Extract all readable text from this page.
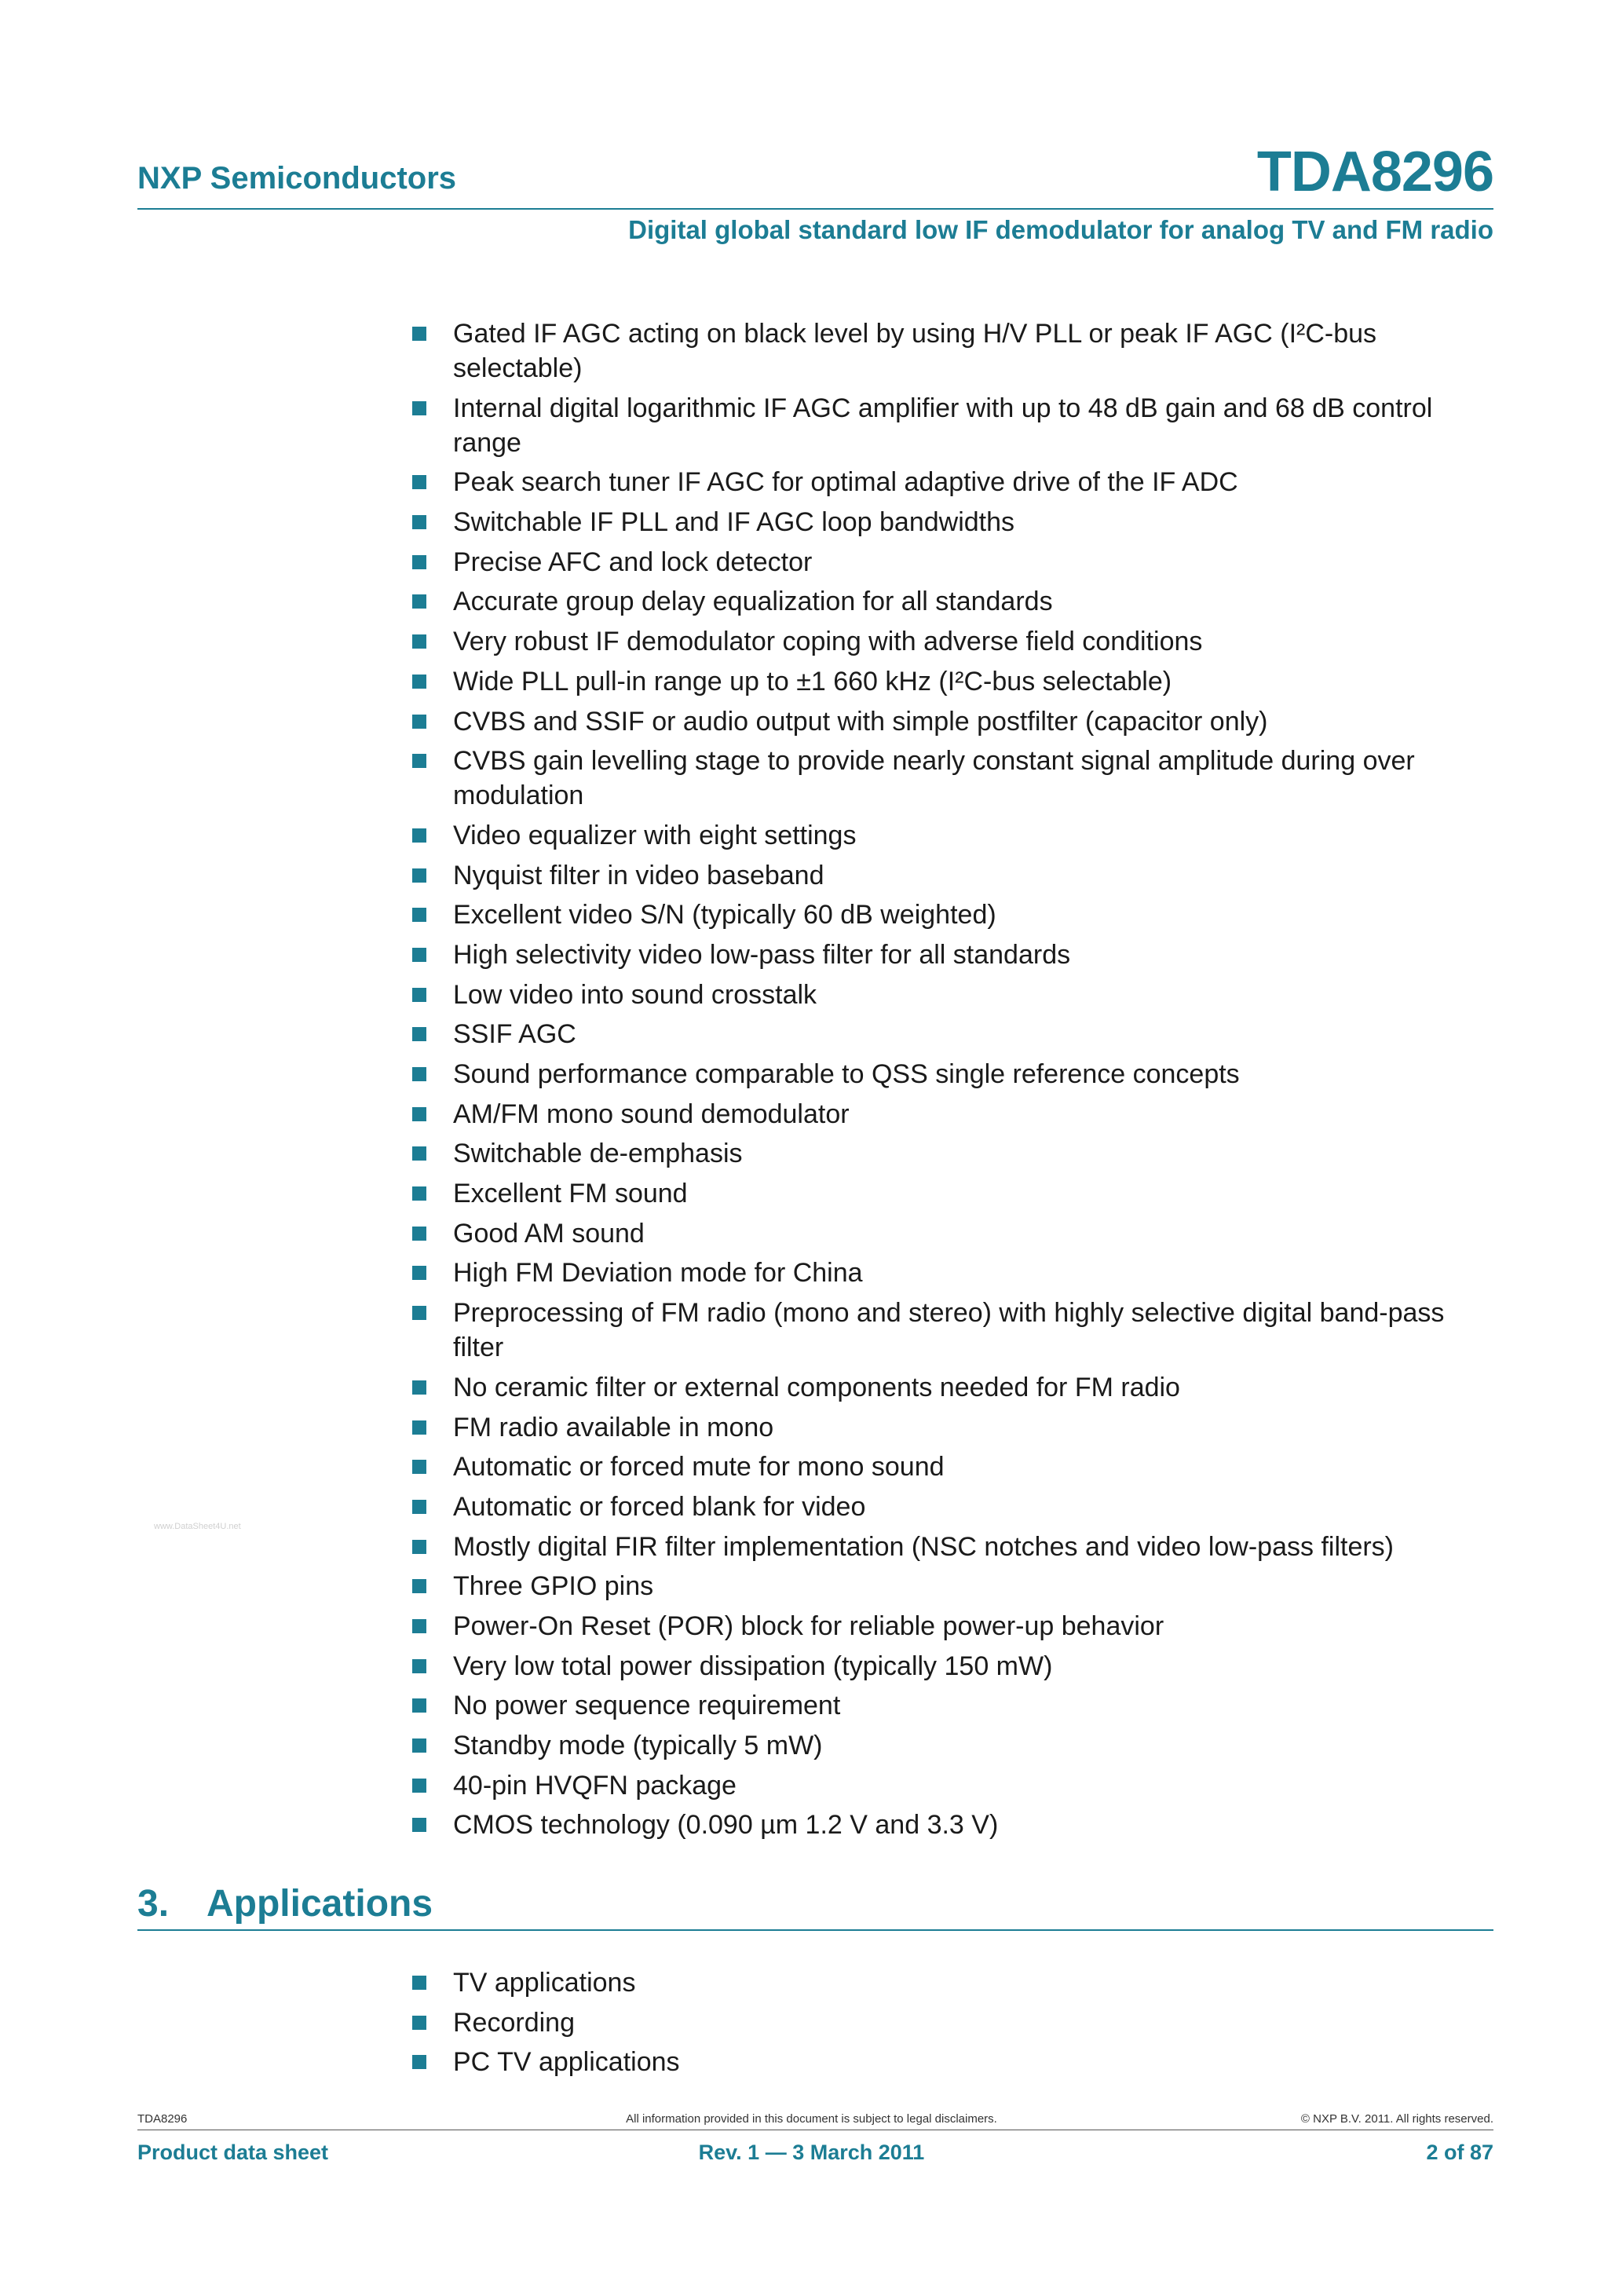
NXP Semiconductors	TDA8296
Digital global standard low IF demodulator for analog TV and FM radio
Gated IF AGC acting on black level by using H/V PLL or peak IF AGC (I²C-bus selectable)
Internal digital logarithmic IF AGC amplifier with up to 48 dB gain and 68 dB control range
Peak search tuner IF AGC for optimal adaptive drive of the IF ADC
Switchable IF PLL and IF AGC loop bandwidths
Precise AFC and lock detector
Accurate group delay equalization for all standards
Very robust IF demodulator coping with adverse field conditions
Wide PLL pull-in range up to ±1 660 kHz (I²C-bus selectable)
CVBS and SSIF or audio output with simple postfilter (capacitor only)
CVBS gain levelling stage to provide nearly constant signal amplitude during over modulation
Video equalizer with eight settings
Nyquist filter in video baseband
Excellent video S/N (typically 60 dB weighted)
High selectivity video low-pass filter for all standards
Low video into sound crosstalk
SSIF AGC
Sound performance comparable to QSS single reference concepts
AM/FM mono sound demodulator
Switchable de-emphasis
Excellent FM sound
Good AM sound
High FM Deviation mode for China
Preprocessing of FM radio (mono and stereo) with highly selective digital band-pass filter
No ceramic filter or external components needed for FM radio
FM radio available in mono
Automatic or forced mute for mono sound
Automatic or forced blank for video
Mostly digital FIR filter implementation (NSC notches and video low-pass filters)
Three GPIO pins
Power-On Reset (POR) block for reliable power-up behavior
Very low total power dissipation (typically 150 mW)
No power sequence requirement
Standby mode (typically 5 mW)
40-pin HVQFN package
CMOS technology (0.090 µm 1.2 V and 3.3 V)
www.DataSheet4U.net
3. Applications
TV applications
Recording
PC TV applications
TDA8296	All information provided in this document is subject to legal disclaimers.	© NXP B.V. 2011. All rights reserved.
Product data sheet	Rev. 1 — 3 March 2011	2 of 87
